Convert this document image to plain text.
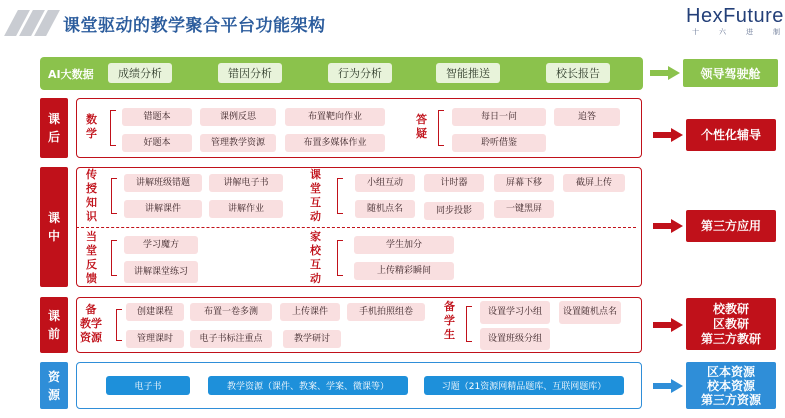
课堂驱动的教学聚合平台功能架构	HexFuture
十	六	进	制
AI大数据	成绩分析	错因分析	行为分析	智能推送	校长报告	领导驾驶舱
课
后
数
学
错题本	课例反思	布置靶向作业
好题本	管理教学资源	布置多媒体作业
答
疑
每日一问	追答
聆听借鉴
个性化辅导
课
中
传
授
知
识
讲解班级错题	讲解电子书
讲解课件	讲解作业
课
堂
互
动
小组互动	计时器	屏幕下移	截屏上传
随机点名	同步投影	一键黑屏
当
堂
反
馈
学习魔方
讲解课堂练习
家
校
互
动
学生加分
上传精彩瞬间
第三方应用
课
前
备
教学
资源
创建课程	布置一卷多测	上传课件	手机拍照组卷
管理课时	电子书标注重点	教学研讨
备
学
生
设置学习小组	设置随机点名
设置班级分组
校教研
区教研
第三方教研
资
源
电子书	教学资源（课件、教案、学案、微课等）	习题（21资源网精品题库、互联网题库）
区本资源
校本资源
第三方资源
